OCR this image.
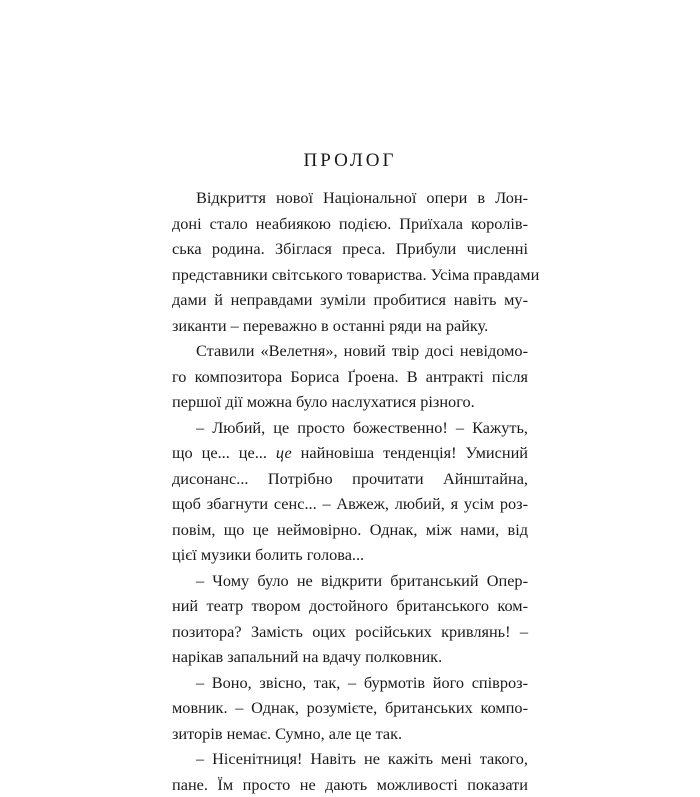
ПРОЛОГ
Відкриття нової Національної опери в Лон-
доні стало неабиякою подією. Приїхала королів-
ська родина. Збіглася преса. Прибули численні
представники світського товариства. Усіма правдами
дами й неправдами зуміли пробитися навіть му-
зиканти – переважно в останні ряди на райку.
Ставили «Велетня», новий твір досі невідомо-
го композитора Бориса Ґроена. В антракті після
першої дії можна було наслухатися різного.
– Любий, це просто божественно! – Кажуть,
що це... це... це найновіша тенденція! Умисний
дисонанс... Потрібно прочитати Айнштайна,
щоб збагнути сенс... – Авжеж, любий, я усім роз-
повім, що це неймовірно. Однак, між нами, від
цієї музики болить голова...
– Чому було не відкрити британський Опер-
ний театр твором достойного британського ком-
позитора? Замість оцих російських кривлянь! –
нарікав запальний на вдачу полковник.
– Воно, звісно, так, – бурмотів його співроз-
мовник. – Однак, розумієте, британських компо-
зиторів немає. Сумно, але це так.
– Нісенітниця! Навіть не кажіть мені такого,
пане. Їм просто не дають можливості показати
